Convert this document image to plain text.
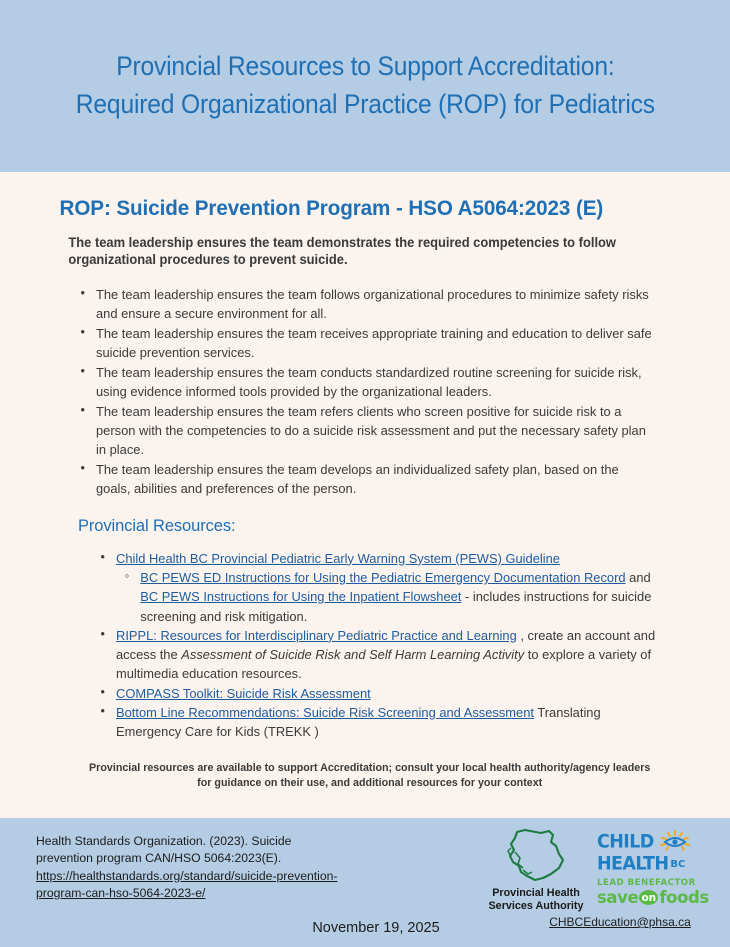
Provincial Resources to Support Accreditation:
Required Organizational Practice (ROP) for Pediatrics
ROP: Suicide Prevention Program - HSO A5064:2023 (E)
The team leadership ensures the team demonstrates the required competencies to follow organizational procedures to prevent suicide.
• The team leadership ensures the team follows organizational procedures to minimize safety risks and ensure a secure environment for all.
• The team leadership ensures the team receives appropriate training and education to deliver safe suicide prevention services.
• The team leadership ensures the team conducts standardized routine screening for suicide risk, using evidence informed tools provided by the organizational leaders.
• The team leadership ensures the team refers clients who screen positive for suicide risk to a person with the competencies to do a suicide risk assessment and put the necessary safety plan in place.
• The team leadership ensures the team develops an individualized safety plan, based on the goals, abilities and preferences of the person.
Provincial Resources:
• Child Health BC Provincial Pediatric Early Warning System (PEWS) Guideline
◦ BC PEWS ED Instructions for Using the Pediatric Emergency Documentation Record and BC PEWS Instructions for Using the Inpatient Flowsheet - includes instructions for suicide screening and risk mitigation.
• RIPPL: Resources for Interdisciplinary Pediatric Practice and Learning , create an account and access the Assessment of Suicide Risk and Self Harm Learning Activity to explore a variety of multimedia education resources.
• COMPASS Toolkit: Suicide Risk Assessment
• Bottom Line Recommendations: Suicide Risk Screening and Assessment Translating Emergency Care for Kids (TREKK )
Provincial resources are available to support Accreditation; consult your local health authority/agency leaders for guidance on their use, and additional resources for your context
Health Standards Organization. (2023). Suicide prevention program CAN/HSO 5064:2023(E). https://healthstandards.org/standard/suicide-prevention-program-can-hso-5064-2023-e/	Provincial Health
Services Authority
CHILD
HEALTH BC
LEAD BENEFACTOR
save on foods
CHBCEducation@phsa.ca
November 19, 2025
